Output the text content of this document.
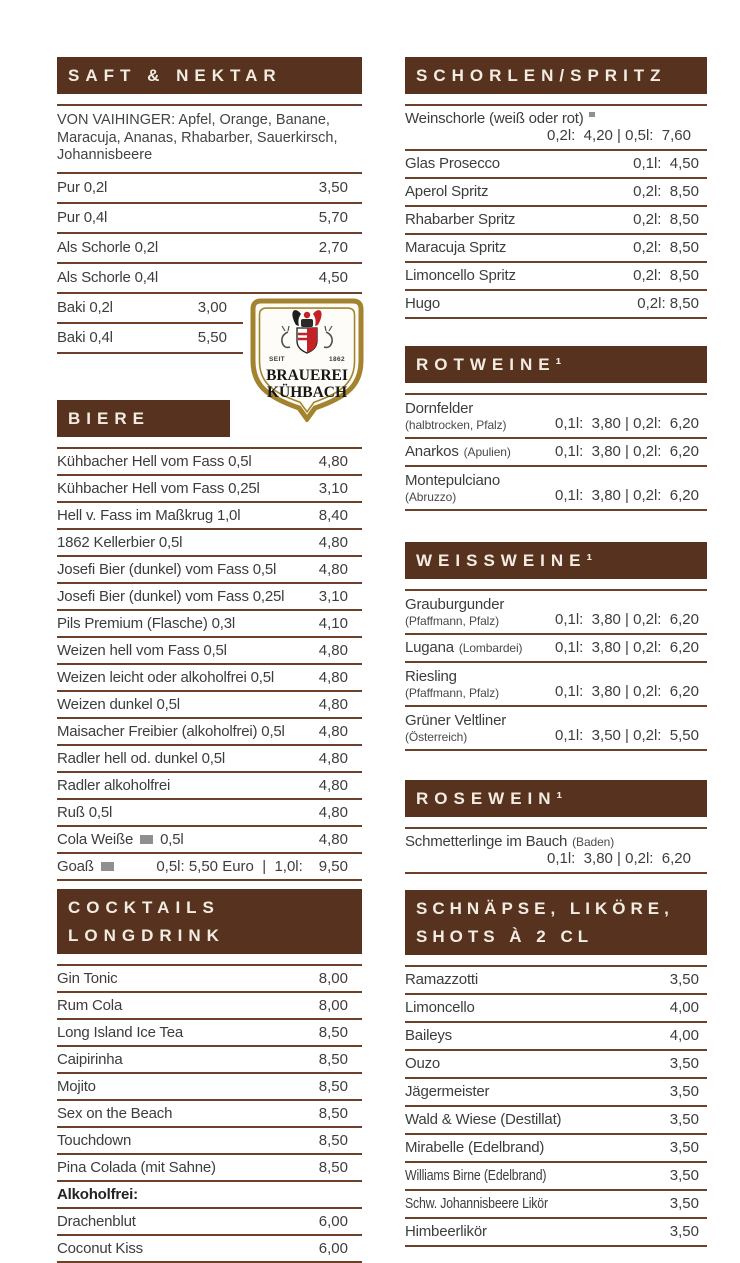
SEIT	1862
BRAUEREI
KÜHBACH
SAFT & NEKTAR
VON VAIHINGER: Apfel, Orange, Banane, Maracuja, Ananas, Rhabarber, Sauerkirsch, Johannisbeere
Pur 0,2l	3,50
Pur 0,4l	5,70
Als Schorle 0,2l	2,70
Als Schorle 0,4l	4,50
Baki 0,2l	3,00
Baki 0,4l	5,50
BIERE
Kühbacher Hell vom Fass 0,5l	4,80
Kühbacher Hell vom Fass 0,25l	3,10
Hell v. Fass im Maßkrug 1,0l	8,40
1862 Kellerbier 0,5l	4,80
Josefi Bier (dunkel) vom Fass 0,5l	4,80
Josefi Bier (dunkel) vom Fass 0,25l 3,10
Pils Premium (Flasche) 0,3l	4,10
Weizen hell vom Fass 0,5l	4,80
Weizen leicht oder alkoholfrei 0,5l	4,80
Weizen dunkel 0,5l	4,80
Maisacher Freibier (alkoholfrei) 0,5l 4,80
Radler hell od. dunkel 0,5l	4,80
Radler alkoholfrei	4,80
Ruß 0,5l	4,80
Cola Weiße 0,5l	4,80
Goaß	0,5l: 5,50 Euro  |  1,0l:	9,50
COCKTAILS
LONGDRINK
Gin Tonic	8,00
Rum Cola	8,00
Long Island Ice Tea	8,50
Caipirinha	8,50
Mojito	8,50
Sex on the Beach	8,50
Touchdown	8,50
Pina Colada (mit Sahne)	8,50
Alkoholfrei:
Drachenblut	6,00
Coconut Kiss	6,00
SCHORLEN/SPRITZ
Weinschorle (weiß oder rot)
0,2l:  4,20 | 0,5l:  7,60
Glas Prosecco	0,1l:  4,50
Aperol Spritz	0,2l:  8,50
Rhabarber Spritz	0,2l:  8,50
Maracuja Spritz	0,2l:  8,50
Limoncello Spritz	0,2l:  8,50
Hugo	0,2l: 8,50
ROTWEINE¹
Dornfelder
(halbtrocken, Pfalz)	0,1l:  3,80 | 0,2l:  6,20
Anarkos (Apulien)	0,1l:  3,80 | 0,2l:  6,20
Montepulciano
(Abruzzo)	0,1l:  3,80 | 0,2l:  6,20
WEISSWEINE¹
Grauburgunder
(Pfaffmann, Pfalz)	0,1l:  3,80 | 0,2l:  6,20
Lugana (Lombardei) 0,1l:  3,80 | 0,2l:  6,20
Riesling
(Pfaffmann, Pfalz)	0,1l:  3,80 | 0,2l:  6,20
Grüner Veltliner
(Österreich)	0,1l:  3,50 | 0,2l:  5,50
ROSEWEIN¹
Schmetterlinge im Bauch (Baden)
0,1l:  3,80 | 0,2l:  6,20
SCHNÄPSE, LIKÖRE,
SHOTS À 2 CL
Ramazzotti	3,50
Limoncello	4,00
Baileys	4,00
Ouzo	3,50
Jägermeister	3,50
Wald & Wiese (Destillat)	3,50
Mirabelle (Edelbrand)	3,50
Williams Birne (Edelbrand)	3,50
Schw. Johannisbeere Likör	3,50
Himbeerlikör	3,50
